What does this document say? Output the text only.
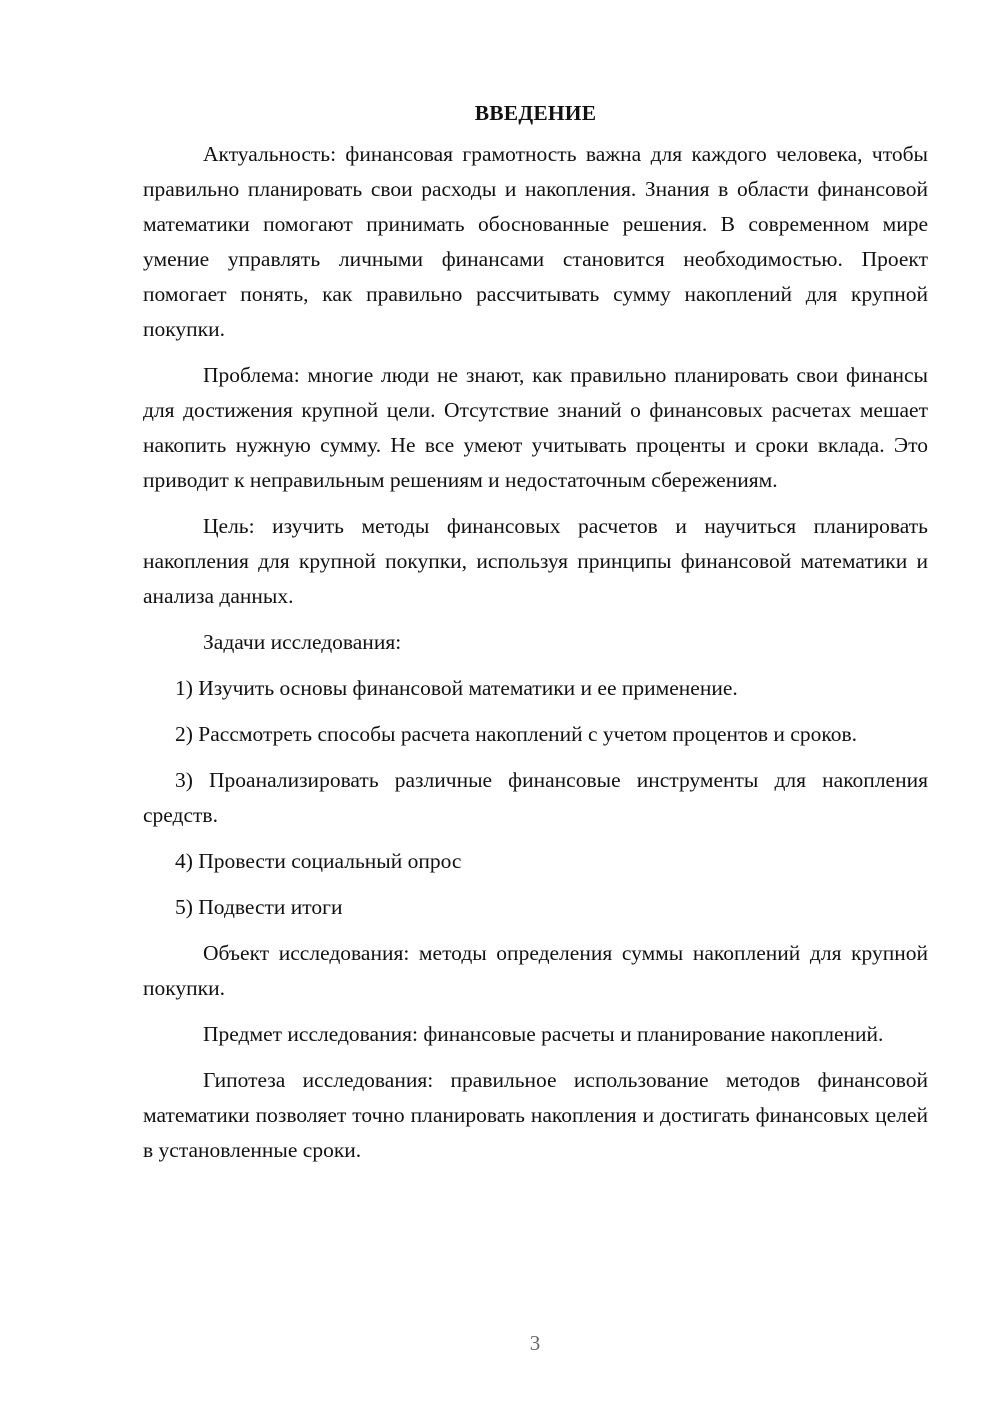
ВВЕДЕНИЕ

Актуальность: финансовая грамотность важна для каждого человека, чтобы правильно планировать свои расходы и накопления. Знания в области финансовой математики помогают принимать обоснованные решения. В современном мире умение управлять личными финансами становится необходимостью. Проект помогает понять, как правильно рассчитывать сумму накоплений для крупной покупки.

Проблема: многие люди не знают, как правильно планировать свои финансы для достижения крупной цели. Отсутствие знаний о финансовых расчетах мешает накопить нужную сумму. Не все умеют учитывать проценты и сроки вклада. Это приводит к неправильным решениям и недостаточным сбережениям.

Цель: изучить методы финансовых расчетов и научиться планировать накопления для крупной покупки, используя принципы финансовой математики и анализа данных.

Задачи исследования:

1) Изучить основы финансовой математики и ее применение.

2) Рассмотреть способы расчета накоплений с учетом процентов и сроков.

3) Проанализировать различные финансовые инструменты для накопления средств.

4) Провести социальный опрос

5) Подвести итоги

Объект исследования: методы определения суммы накоплений для крупной покупки.

Предмет исследования: финансовые расчеты и планирование накоплений.

Гипотеза исследования: правильное использование методов финансовой математики позволяет точно планировать накопления и достигать финансовых целей в установленные сроки.

3
